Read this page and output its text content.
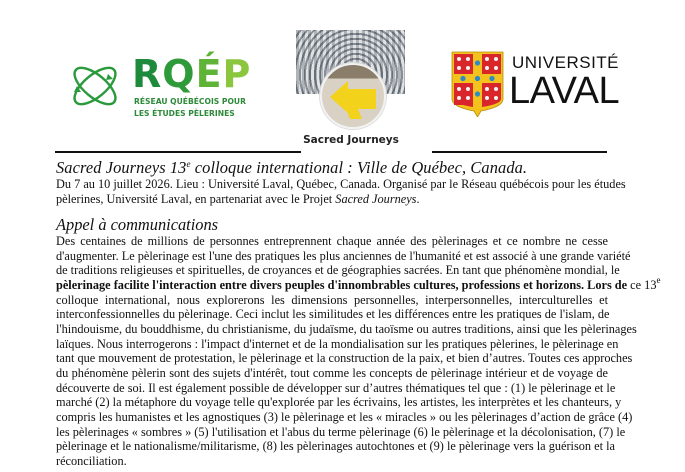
RQÉP
RÉSEAU QUÉBÉCOIS POUR
LES ÉTUDES PÈLERINES
Sacred Journeys
UNIVERSITÉ
LAVAL
Sacred Journeys 13e colloque international : Ville de Québec, Canada.

Du 7 au 10 juillet 2026. Lieu : Université Laval, Québec, Canada. Organisé par le Réseau québécois pour les études
pèlerines, Université Laval, en partenariat avec le Projet Sacred Journeys.

Appel à communications

Des centaines de millions de personnes entreprennent chaque année des pèlerinages et ce nombre ne cesse
d'augmenter. Le pèlerinage est l'une des pratiques les plus anciennes de l'humanité et est associé à une grande variété
de traditions religieuses et spirituelles, de croyances et de géographies sacrées. En tant que phénomène mondial, le
pèlerinage facilite l'interaction entre divers peuples d'innombrables cultures, professions et horizons. Lors de ce 13e
colloque international, nous explorerons les dimensions personnelles, interpersonnelles, interculturelles et
interconfessionnelles du pèlerinage. Ceci inclut les similitudes et les différences entre les pratiques de l'islam, de
l'hindouisme, du bouddhisme, du christianisme, du judaïsme, du taoïsme ou autres traditions, ainsi que les pèlerinages
laïques. Nous interrogerons : l'impact d'internet et de la mondialisation sur les pratiques pèlerines, le pèlerinage en
tant que mouvement de protestation, le pèlerinage et la construction de la paix, et bien d’autres. Toutes ces approches
du phénomène pèlerin sont des sujets d'intérêt, tout comme les concepts de pèlerinage intérieur et de voyage de
découverte de soi. Il est également possible de développer sur d’autres thématiques tel que : (1) le pèlerinage et le
marché (2) la métaphore du voyage telle qu'explorée par les écrivains, les artistes, les interprètes et les chanteurs, y
compris les humanistes et les agnostiques (3) le pèlerinage et les « miracles » ou les pèlerinages d’action de grâce (4)
les pèlerinages « sombres » (5) l'utilisation et l'abus du terme pèlerinage (6) le pèlerinage et la décolonisation, (7) le
pèlerinage et le nationalisme/militarisme, (8) les pèlerinages autochtones et (9) le pèlerinage vers la guérison et la
réconciliation.
